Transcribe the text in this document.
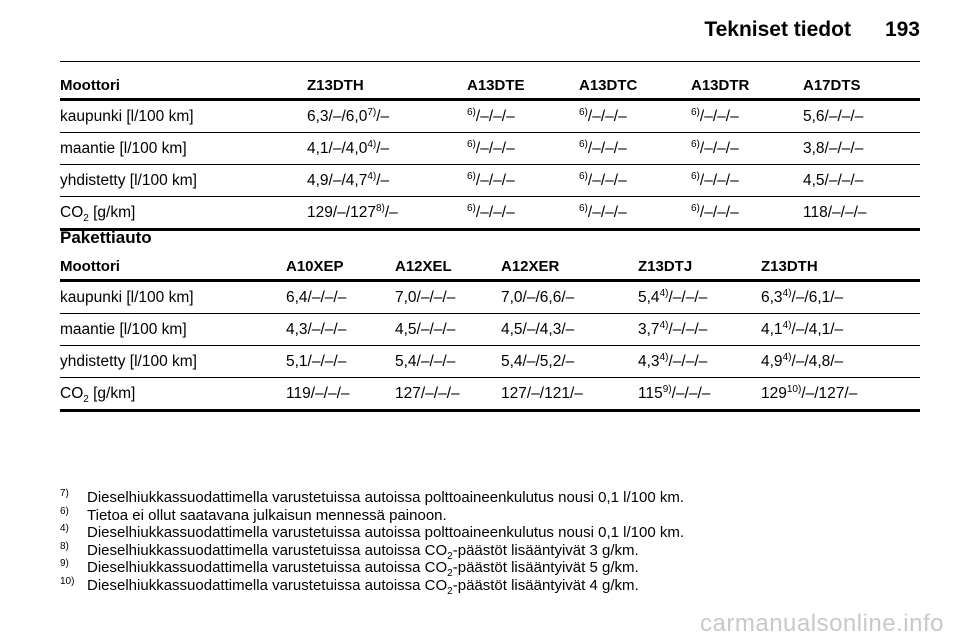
Tekniset tiedot 193
Moottori	Z13DTH	A13DTE	A13DTC	A13DTR	A17DTS
kaupunki [l/100 km]	6,3/–/6,0$^{7)}$/–	$^{6)}$/–/–/–	$^{6)}$/–/–/–	$^{6)}$/–/–/–	5,6/–/–/–
maantie [l/100 km]	4,1/–/4,0$^{4)}$/–	$^{6)}$/–/–/–	$^{6)}$/–/–/–	$^{6)}$/–/–/–	3,8/–/–/–
yhdistetty [l/100 km]	4,9/–/4,7$^{4)}$/–	$^{6)}$/–/–/–	$^{6)}$/–/–/–	$^{6)}$/–/–/–	4,5/–/–/–
$CO_2$ [g/km]	129/–/127$^{8)}$/–	$^{6)}$/–/–/–	$^{6)}$/–/–/–	$^{6)}$/–/–/–	118/–/–/–
Pakettiauto
Moottori	A10XEP	A12XEL	A12XER	Z13DTJ	Z13DTH
kaupunki [l/100 km]	6,4/–/–/–	7,0/–/–/–	7,0/–/6,6/–	5,4$^{4)}$/–/–/–	6,3$^{4)}$/–/6,1/–
maantie [l/100 km]	4,3/–/–/–	4,5/–/–/–	4,5/–/4,3/–	3,7$^{4)}$/–/–/–	4,1$^{4)}$/–/4,1/–
yhdistetty [l/100 km]	5,1/–/–/–	5,4/–/–/–	5,4/–/5,2/–	4,3$^{4)}$/–/–/–	4,9$^{4)}$/–/4,8/–
$CO_2$ [g/km]	119/–/–/–	127/–/–/–	127/–/121/–	115$^{9)}$/–/–/–	129$^{10)}$/–/127/–
7) Dieselhiukkassuodattimella varustetuissa autoissa polttoaineenkulutus nousi 0,1 l/100 km.
6) Tietoa ei ollut saatavana julkaisun mennessä painoon.
4) Dieselhiukkassuodattimella varustetuissa autoissa polttoaineenkulutus nousi 0,1 l/100 km.
8) Dieselhiukkassuodattimella varustetuissa autoissa $CO_2$-päästöt lisääntyivät 3 g/km.
9) Dieselhiukkassuodattimella varustetuissa autoissa $CO_2$-päästöt lisääntyivät 5 g/km.
10) Dieselhiukkassuodattimella varustetuissa autoissa $CO_2$-päästöt lisääntyivät 4 g/km.
carmanualsonline.info
